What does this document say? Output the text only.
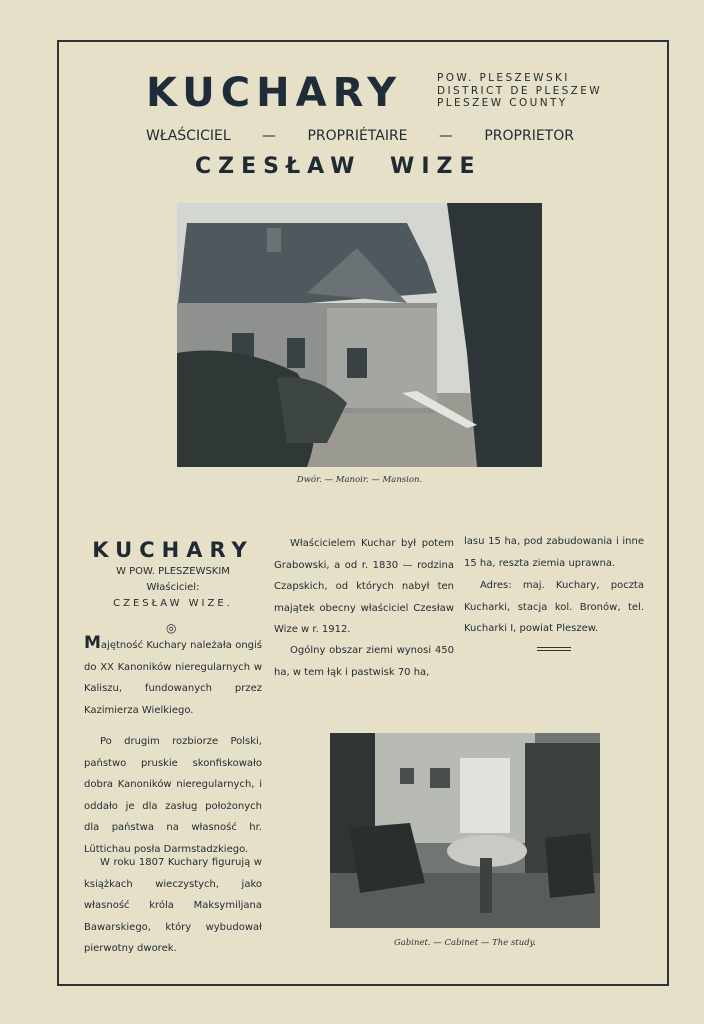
KUCHARY	POW. PLESZEWSKI
DISTRICT DE PLESZEW
PLESZEW COUNTY
WŁAŚCICIEL — PROPRIÉTAIRE — PROPRIETOR
CZESŁAW WIZE
Dwór. — Manoir. — Mansion.
KUCHARY
W POW. PLESZEWSKIM
Właściciel:
CZESŁAW WIZE.
◎
Majętność Kuchary należała ongiś do XX Kanoników nieregularnych w Kaliszu, fundowanych przez Kazimierza Wielkiego.
Po drugim rozbiorze Polski, państwo pruskie skonfiskowało dobra Kanoników nieregularnych, i oddało je dla zasług położonych dla państwa na własność hr. Lüttichau posła Darmstadzkiego.
W roku 1807 Kuchary figurują w książkach wieczystych, jako własność króla Maksymiljana Bawarskiego, który wybudował pierwotny dworek.
Właścicielem Kuchar był potem Grabowski, a od r. 1830 — rodzina Czapskich, od których nabył ten majątek obecny właściciel Czesław Wize w r. 1912.
Ogólny obszar ziemi wynosi 450 ha, w tem łąk i pastwisk 70 ha,
lasu 15 ha, pod zabudowania i inne 15 ha, reszta ziemia uprawna.
Adres: maj. Kuchary, poczta Kucharki, stacja kol. Bronów, tel. Kucharki I, powiat Pleszew.
Gabinet. — Cabinet — The study.
